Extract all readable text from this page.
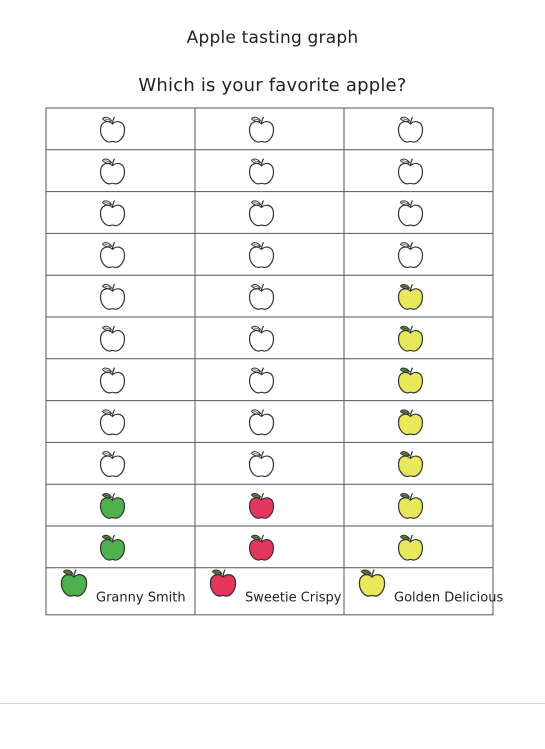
Apple tasting graph
Which is your favorite apple?
Granny Smith	Sweetie Crispy	Golden Delicious
